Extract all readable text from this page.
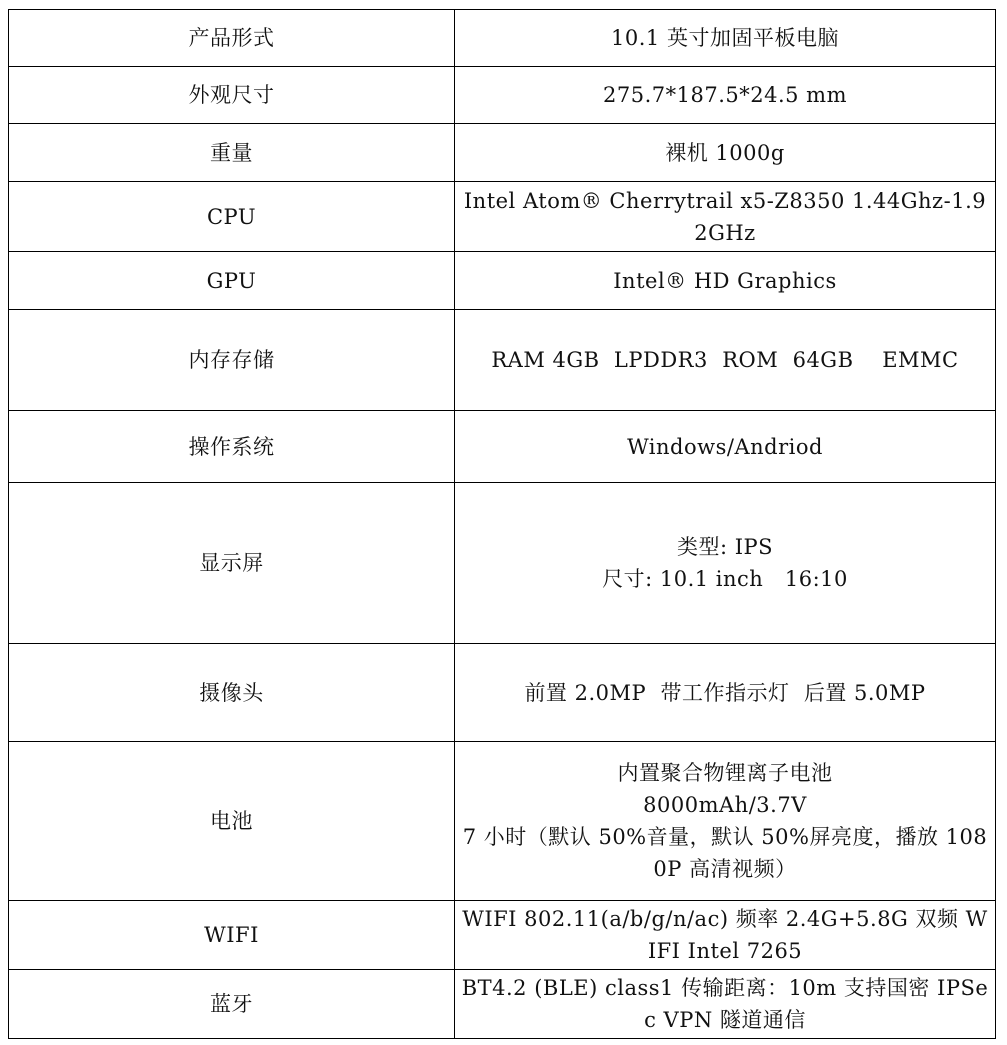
产品形式	10.1 英寸加固平板电脑

外观尺寸	275.7*187.5*24.5 mm

重量	裸机 1000g

CPU	Intel Atom® Cherrytrail x5-Z8350 1.44Ghz-1.92GHz

GPU	Intel® HD Graphics

内存存储	RAM 4GB  LPDDR3  ROM  64GB    EMMC

操作系统	Windows/Andriod

显示屏	类型: IPS
尺寸: 10.1 inch   16:10

摄像头	前置 2.0MP  带工作指示灯  后置 5.0MP

电池	内置聚合物锂离子电池
8000mAh/3.7V
7 小时（默认 50%音量，默认 50%屏亮度，播放 1080P 高清视频）

WIFI	WIFI 802.11(a/b/g/n/ac) 频率 2.4G+5.8G 双频 WIFI Intel 7265

蓝牙	BT4.2 (BLE) class1 传输距离：10m 支持国密 IPSec VPN 隧道通信
